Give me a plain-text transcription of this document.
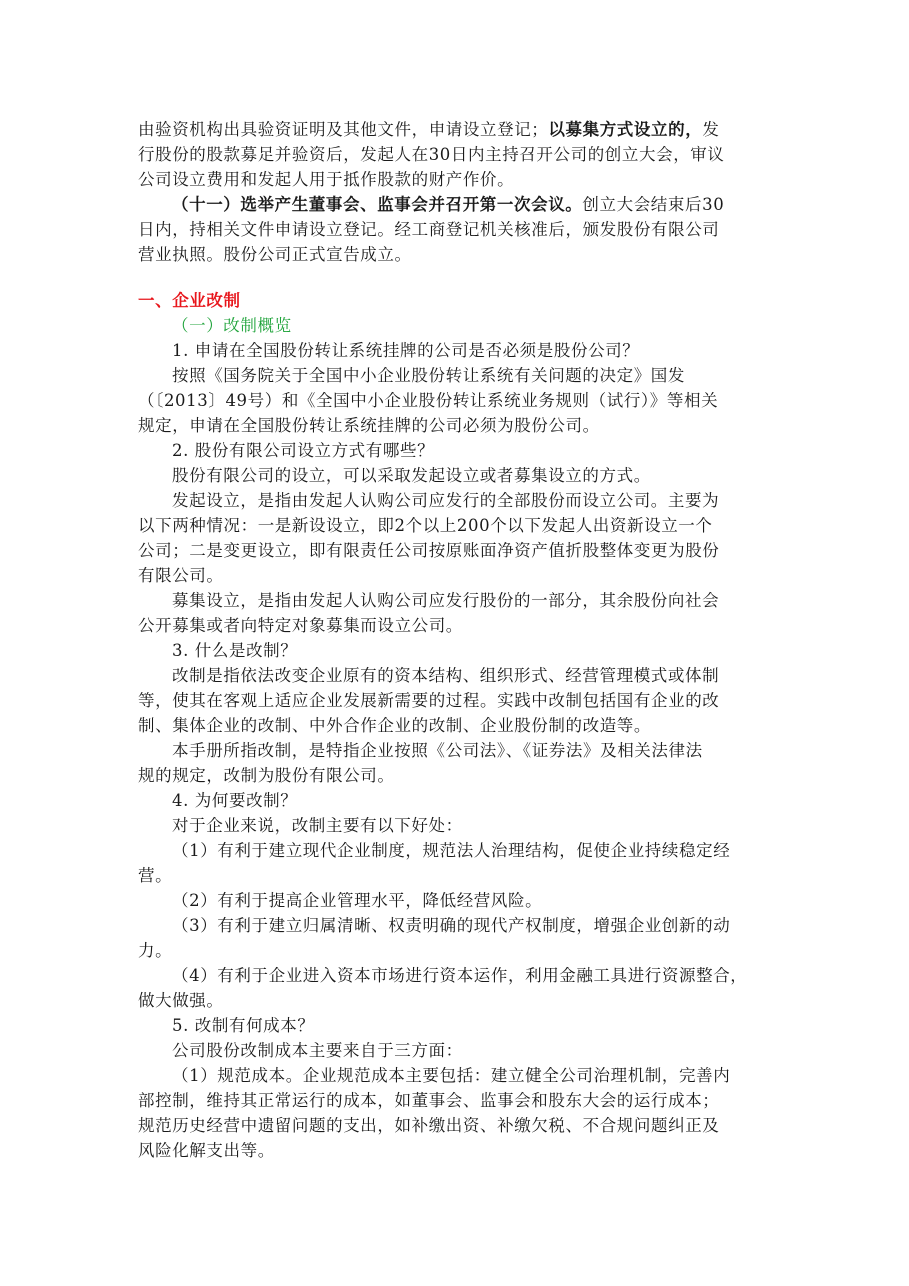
由验资机构出具验资证明及其他文件，申请设立登记；以募集方式设立的，发
行股份的股款募足并验资后，发起人在30日内主持召开公司的创立大会，审议
公司设立费用和发起人用于抵作股款的财产作价。
（十一）选举产生董事会、监事会并召开第一次会议。创立大会结束后30
日内，持相关文件申请设立登记。经工商登记机关核准后，颁发股份有限公司
营业执照。股份公司正式宣告成立。
一、企业改制
（一）改制概览
1. 申请在全国股份转让系统挂牌的公司是否必须是股份公司？
按照《国务院关于全国中小企业股份转让系统有关问题的决定》国发
（〔2013〕49号）和《全国中小企业股份转让系统业务规则（试行）》等相关
规定，申请在全国股份转让系统挂牌的公司必须为股份公司。
2. 股份有限公司设立方式有哪些？
股份有限公司的设立，可以采取发起设立或者募集设立的方式。
发起设立，是指由发起人认购公司应发行的全部股份而设立公司。主要为
以下两种情况：一是新设设立，即2个以上200个以下发起人出资新设立一个
公司；二是变更设立，即有限责任公司按原账面净资产值折股整体变更为股份
有限公司。
募集设立，是指由发起人认购公司应发行股份的一部分，其余股份向社会
公开募集或者向特定对象募集而设立公司。
3. 什么是改制？
改制是指依法改变企业原有的资本结构、组织形式、经营管理模式或体制
等，使其在客观上适应企业发展新需要的过程。实践中改制包括国有企业的改
制、集体企业的改制、中外合作企业的改制、企业股份制的改造等。
本手册所指改制，是特指企业按照《公司法》、《证券法》及相关法律法
规的规定，改制为股份有限公司。
4. 为何要改制？
对于企业来说，改制主要有以下好处：
（1）有利于建立现代企业制度，规范法人治理结构，促使企业持续稳定经
营。
（2）有利于提高企业管理水平，降低经营风险。
（3）有利于建立归属清晰、权责明确的现代产权制度，增强企业创新的动
力。
（4）有利于企业进入资本市场进行资本运作，利用金融工具进行资源整合，
做大做强。
5. 改制有何成本？
公司股份改制成本主要来自于三方面：
（1）规范成本。企业规范成本主要包括：建立健全公司治理机制，完善内
部控制，维持其正常运行的成本，如董事会、监事会和股东大会的运行成本；
规范历史经营中遗留问题的支出，如补缴出资、补缴欠税、不合规问题纠正及
风险化解支出等。
